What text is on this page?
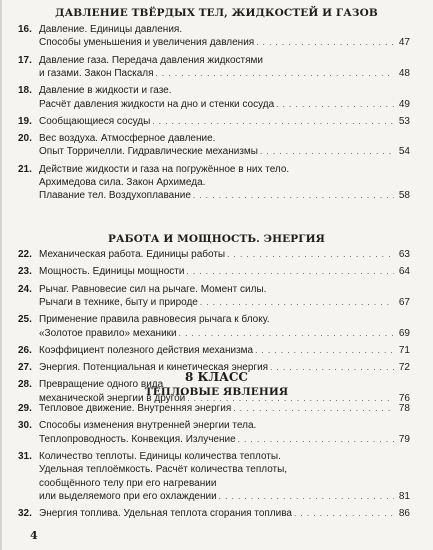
ДАВЛЕНИЕ ТВЁРДЫХ ТЕЛ, ЖИДКОСТЕЙ И ГАЗОВ
16. Давление. Единицы давления.
Способы уменьшения и увеличения давления . . .	47
17. Давление газа. Передача давления жидкостями
и газами. Закон Паскаля . . .	48
18. Давление в жидкости и газе.
Расчёт давления жидкости на дно и стенки сосуда . . .	49
19. Сообщающиеся сосуды . . .	53
20. Вес воздуха. Атмосферное давление.
Опыт Торричелли. Гидравлические механизмы . . .	54
21. Действие жидкости и газа на погружённое в них тело.
Архимедова сила. Закон Архимеда.
Плавание тел. Воздухоплавание . . .	58
РАБОТА И МОЩНОСТЬ. ЭНЕРГИЯ
22. Механическая работа. Единицы работы . . .	63
23. Мощность. Единицы мощности . . .	64
24. Рычаг. Равновесие сил на рычаге. Момент силы.
Рычаги в технике, быту и природе . . .	67
25. Применение правила равновесия рычага к блоку.
«Золотое правило» механики . . .	69
26. Коэффициент полезного действия механизма . . .	71
27. Энергия. Потенциальная и кинетическая энергия . . .	72
28. Превращение одного вида
механической энергии в другой . . .	76
8 КЛАСС
ТЕПЛОВЫЕ ЯВЛЕНИЯ
29. Тепловое движение. Внутренняя энергия . . .	78
30. Способы изменения внутренней энергии тела.
Теплопроводность. Конвекция. Излучение . . .	79
31. Количество теплоты. Единицы количества теплоты.
Удельная теплоёмкость. Расчёт количества теплоты,
сообщённого телу при его нагревании
или выделяемого при его охлаждении . . .	81
32. Энергия топлива. Удельная теплота сгорания топлива . . .	86
4
